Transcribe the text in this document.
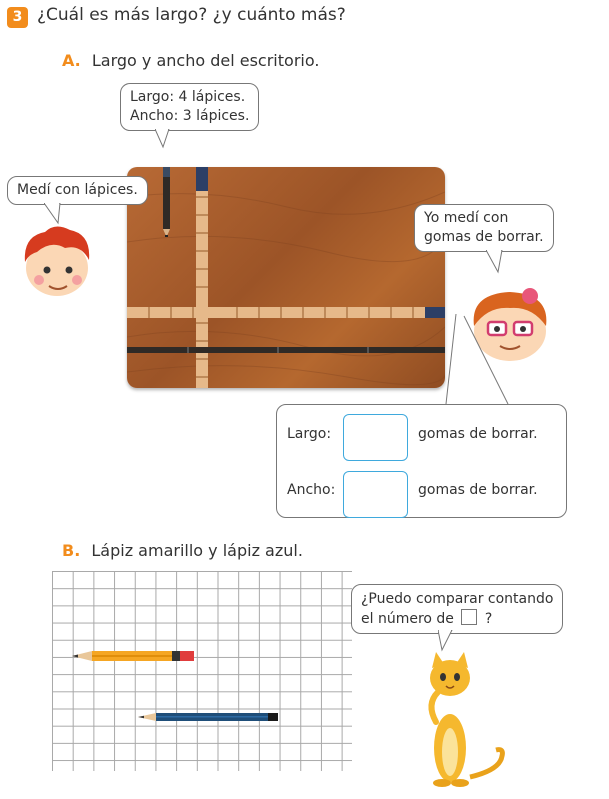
3 ¿Cuál es más largo? ¿y cuánto más?
A. Largo y ancho del escritorio.
Largo: 4 lápices.
Ancho: 3 lápices.
Medí con lápices.
Yo medí con
gomas de borrar.
Largo:	gomas de borrar.
Ancho:	gomas de borrar.
B. Lápiz amarillo y lápiz azul.
¿Puedo comparar contando
el número de ?
